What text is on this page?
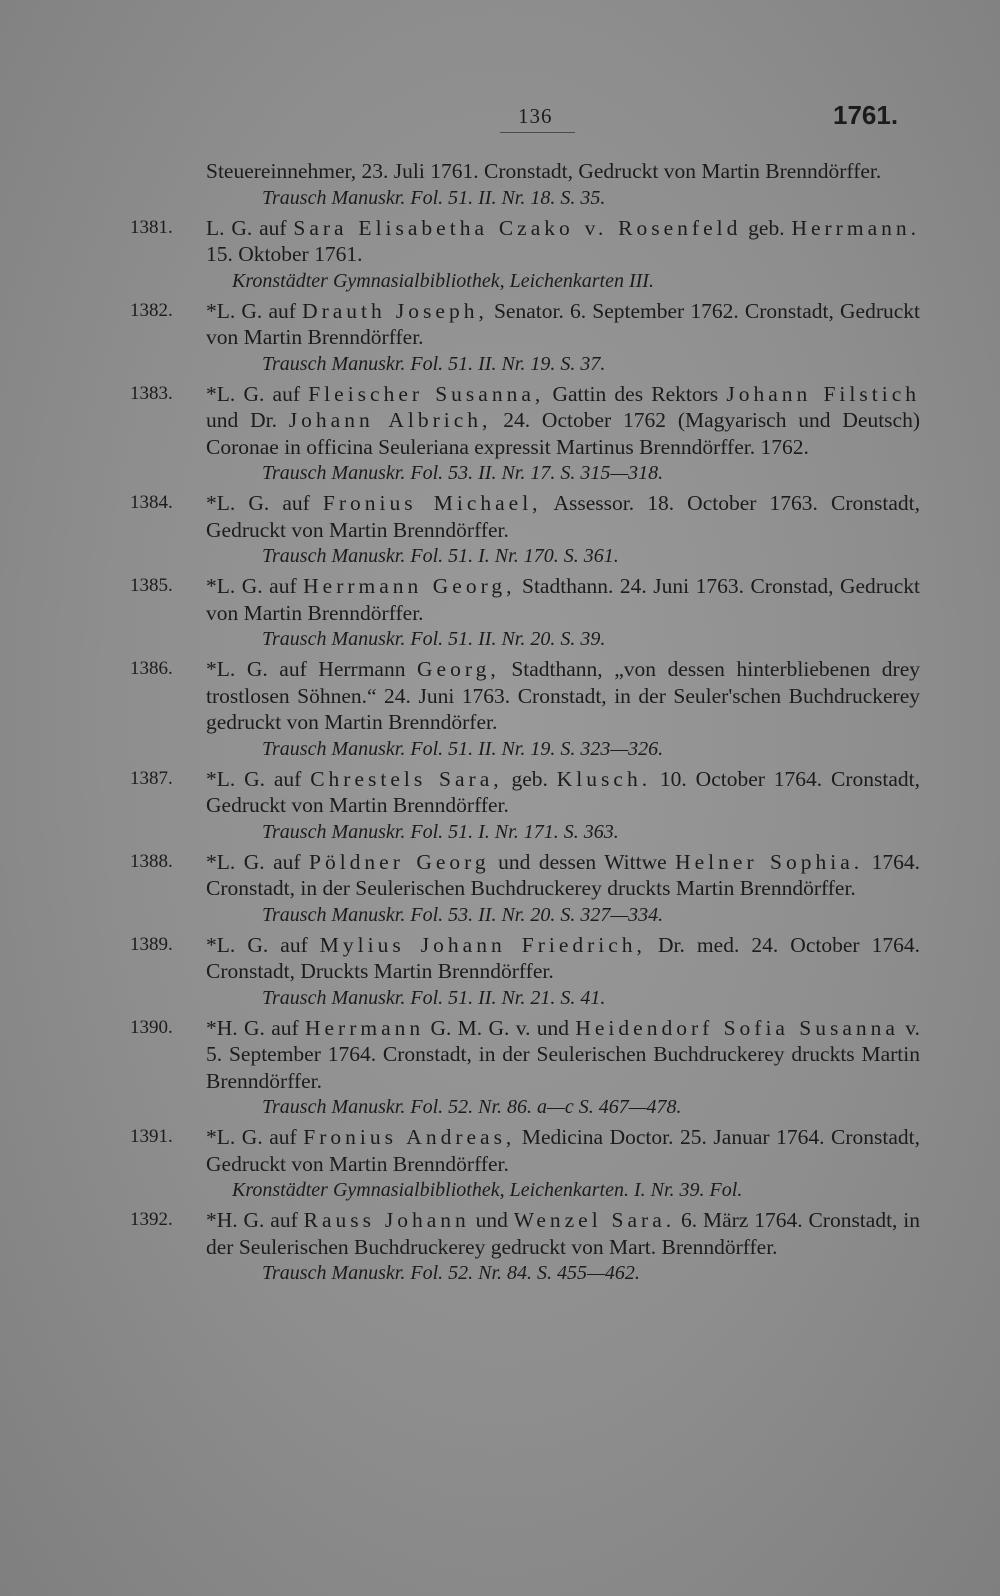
136	1761.
Steuereinnehmer, 23. Juli 1761. Cronstadt, Gedruckt von Martin Brenndörffer.
Trausch Manuskr. Fol. 51. II. Nr. 18. S. 35.
1381. L. G. auf Sara Elisabetha Czako v. Rosenfeld geb. Herrmann. 15. Oktober 1761.
Kronstädter Gymnasialbibliothek, Leichenkarten III.
1382. *L. G. auf Drauth Joseph, Senator. 6. September 1762. Cronstadt, Gedruckt von Martin Brenndörffer.
Trausch Manuskr. Fol. 51. II. Nr. 19. S. 37.
1383. *L. G. auf Fleischer Susanna, Gattin des Rektors Johann Filstich und Dr. Johann Albrich, 24. October 1762 (Magyarisch und Deutsch) Coronae in officina Seuleriana expressit Martinus Brenndörffer. 1762.
Trausch Manuskr. Fol. 53. II. Nr. 17. S. 315—318.
1384. *L. G. auf Fronius Michael, Assessor. 18. October 1763. Cronstadt, Gedruckt von Martin Brenndörffer.
Trausch Manuskr. Fol. 51. I. Nr. 170. S. 361.
1385. *L. G. auf Herrmann Georg, Stadthann. 24. Juni 1763. Cronstad, Gedruckt von Martin Brenndörffer.
Trausch Manuskr. Fol. 51. II. Nr. 20. S. 39.
1386. *L. G. auf Herrmann Georg, Stadthann, „von dessen hinterbliebenen drey trostlosen Söhnen.“ 24. Juni 1763. Cronstadt, in der Seuler'schen Buchdruckerey gedruckt von Martin Brenndörfer.
Trausch Manuskr. Fol. 51. II. Nr. 19. S. 323—326.
1387. *L. G. auf Chrestels Sara, geb. Klusch. 10. October 1764. Cronstadt, Gedruckt von Martin Brenndörffer.
Trausch Manuskr. Fol. 51. I. Nr. 171. S. 363.
1388. *L. G. auf Pöldner Georg und dessen Wittwe Helner Sophia. 1764. Cronstadt, in der Seulerischen Buchdruckerey druckts Martin Brenndörffer.
Trausch Manuskr. Fol. 53. II. Nr. 20. S. 327—334.
1389. *L. G. auf Mylius Johann Friedrich, Dr. med. 24. October 1764. Cronstadt, Druckts Martin Brenndörffer.
Trausch Manuskr. Fol. 51. II. Nr. 21. S. 41.
1390. *H. G. auf Herrmann G. M. G. v. und Heidendorf Sofia Susanna v. 5. September 1764. Cronstadt, in der Seulerischen Buchdruckerey druckts Martin Brenndörffer.
Trausch Manuskr. Fol. 52. Nr. 86. a—c S. 467—478.
1391. *L. G. auf Fronius Andreas, Medicina Doctor. 25. Januar 1764. Cronstadt, Gedruckt von Martin Brenndörffer.
Kronstädter Gymnasialbibliothek, Leichenkarten. I. Nr. 39. Fol.
1392. *H. G. auf Rauss Johann und Wenzel Sara. 6. März 1764. Cronstadt, in der Seulerischen Buchdruckerey gedruckt von Mart. Brenndörffer.
Trausch Manuskr. Fol. 52. Nr. 84. S. 455—462.
